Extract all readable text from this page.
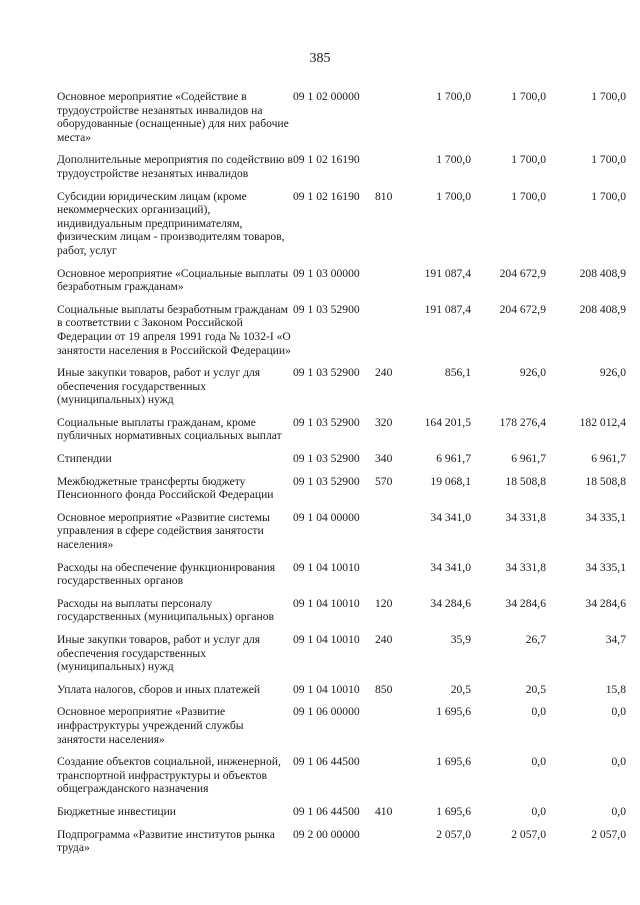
385
Основное мероприятие «Содействие в трудоустройстве незанятых инвалидов на оборудованные (оснащенные) для них рабочие места»	09 1 02 00000		1 700,0	1 700,0	1 700,0
Дополнительные мероприятия по содействию в трудоустройстве незанятых инвалидов	09 1 02 16190		1 700,0	1 700,0	1 700,0
Субсидии юридическим лицам (кроме некоммерческих организаций), индивидуальным предпринимателям, физическим лицам - производителям товаров, работ, услуг	09 1 02 16190	810	1 700,0	1 700,0	1 700,0
Основное мероприятие «Социальные выплаты безработным гражданам»	09 1 03 00000		191 087,4	204 672,9	208 408,9
Социальные выплаты безработным гражданам в соответствии с Законом Российской Федерации от 19 апреля 1991 года № 1032-I «О занятости населения в Российской Федерации»	09 1 03 52900		191 087,4	204 672,9	208 408,9
Иные закупки товаров, работ и услуг для обеспечения государственных (муниципальных) нужд	09 1 03 52900	240	856,1	926,0	926,0
Социальные выплаты гражданам, кроме публичных нормативных социальных выплат	09 1 03 52900	320	164 201,5	178 276,4	182 012,4
Стипендии	09 1 03 52900	340	6 961,7	6 961,7	6 961,7
Межбюджетные трансферты бюджету Пенсионного фонда Российской Федерации	09 1 03 52900	570	19 068,1	18 508,8	18 508,8
Основное мероприятие «Развитие системы управления в сфере содействия занятости населения»	09 1 04 00000		34 341,0	34 331,8	34 335,1
Расходы на обеспечение функционирования государственных органов	09 1 04 10010		34 341,0	34 331,8	34 335,1
Расходы на выплаты персоналу государственных (муниципальных) органов	09 1 04 10010	120	34 284,6	34 284,6	34 284,6
Иные закупки товаров, работ и услуг для обеспечения государственных (муниципальных) нужд	09 1 04 10010	240	35,9	26,7	34,7
Уплата налогов, сборов и иных платежей	09 1 04 10010	850	20,5	20,5	15,8
Основное мероприятие «Развитие инфраструктуры учреждений службы занятости населения»	09 1 06 00000		1 695,6	0,0	0,0
Создание объектов социальной, инженерной, транспортной инфраструктуры и объектов общегражданского назначения	09 1 06 44500		1 695,6	0,0	0,0
Бюджетные инвестиции	09 1 06 44500	410	1 695,6	0,0	0,0
Подпрограмма «Развитие институтов рынка труда»	09 2 00 00000		2 057,0	2 057,0	2 057,0
